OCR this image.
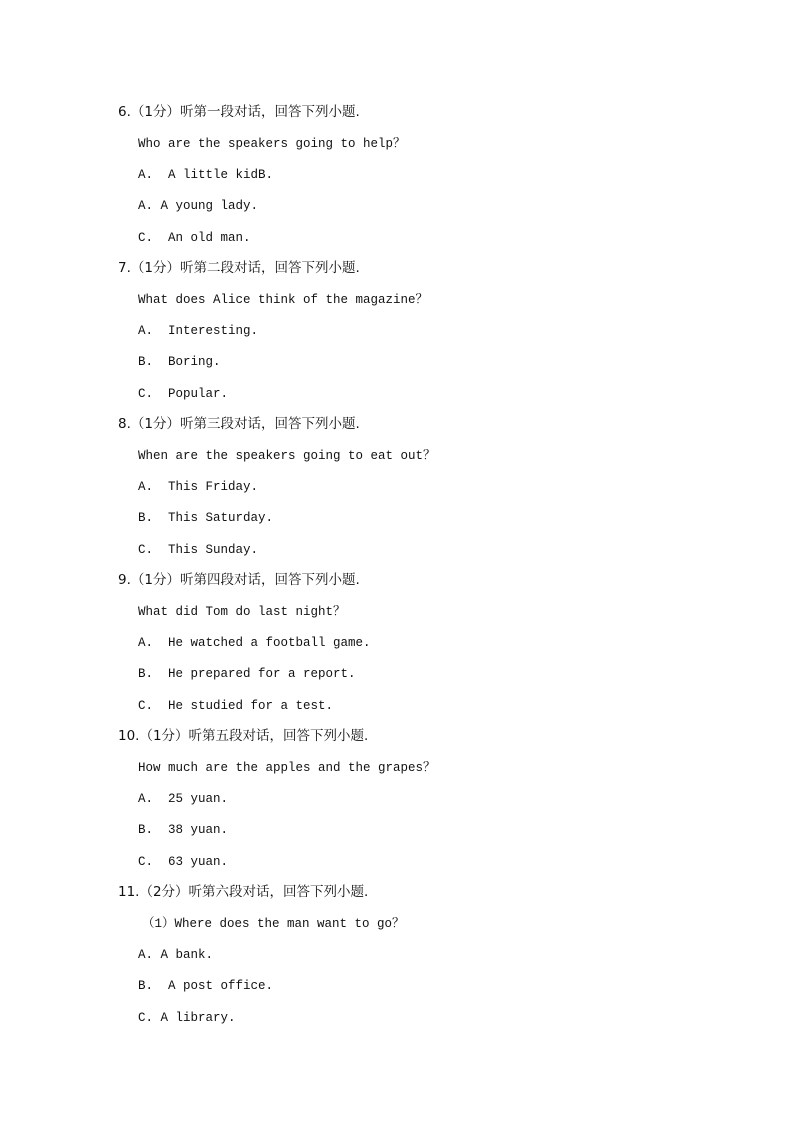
6.（1分）听第一段对话，回答下列小题.
Who are the speakers going to help？
A.  A little kidB.
A. A young lady.
C.  An old man.
7.（1分）听第二段对话，回答下列小题.
What does Alice think of the magazine？
A.  Interesting.
B.  Boring.
C.  Popular.
8.（1分）听第三段对话，回答下列小题.
When are the speakers going to eat out？
A.  This Friday.
B.  This Saturday.
C.  This Sunday.
9.（1分）听第四段对话，回答下列小题.
What did Tom do last night？
A.  He watched a football game.
B.  He prepared for a report.
C.  He studied for a test.
10.（1分）听第五段对话，回答下列小题.
How much are the apples and the grapes？
A.  25 yuan.
B.  38 yuan.
C.  63 yuan.
11.（2分）听第六段对话，回答下列小题.
（1）Where does the man want to go？
A. A bank.
B.  A post office.
C. A library.
